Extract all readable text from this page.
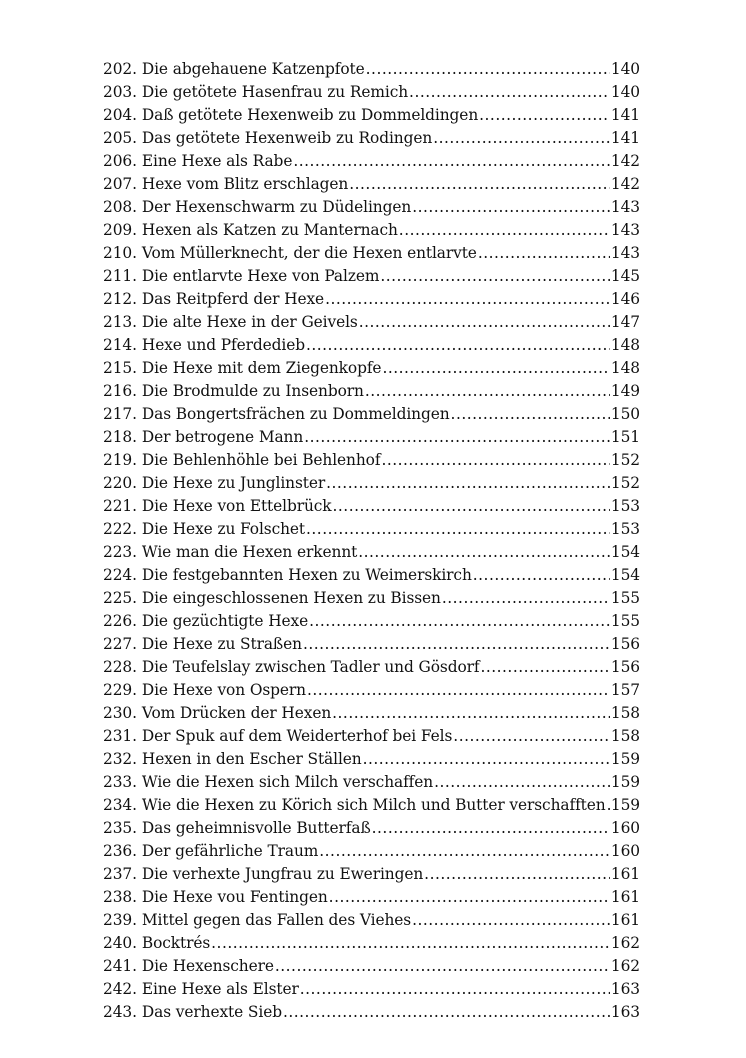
202. Die abgehauene Katzenpfote .....	140
203. Die getötete Hasenfrau zu Remich .....	140
204. Daß getötete Hexenweib zu Dommeldingen .....	141
205. Das getötete Hexenweib zu Rodingen .....	141
206. Eine Hexe als Rabe .....	142
207. Hexe vom Blitz erschlagen .....	142
208. Der Hexenschwarm zu Düdelingen .....	143
209. Hexen als Katzen zu Manternach .....	143
210. Vom Müllerknecht, der die Hexen entlarvte .....	143
211. Die entlarvte Hexe von Palzem .....	145
212. Das Reitpferd der Hexe .....	146
213. Die alte Hexe in der Geivels .....	147
214. Hexe und Pferdedieb .....	148
215. Die Hexe mit dem Ziegenkopfe .....	148
216. Die Brodmulde zu Insenborn .....	149
217. Das Bongertsfrächen zu Dommeldingen .....	150
218. Der betrogene Mann .....	151
219. Die Behlenhöhle bei Behlenhof .....	152
220. Die Hexe zu Junglinster .....	152
221. Die Hexe von Ettelbrück .....	153
222. Die Hexe zu Folschet .....	153
223. Wie man die Hexen erkennt .....	154
224. Die festgebannten Hexen zu Weimerskirch .....	154
225. Die eingeschlossenen Hexen zu Bissen .....	155
226. Die gezüchtigte Hexe .....	155
227. Die Hexe zu Straßen .....	156
228. Die Teufelslay zwischen Tadler und Gösdorf .....	156
229. Die Hexe von Ospern .....	157
230. Vom Drücken der Hexen .....	158
231. Der Spuk auf dem Weiderterhof bei Fels .....	158
232. Hexen in den Escher Ställen .....	159
233. Wie die Hexen sich Milch verschaffen .....	159
234. Wie die Hexen zu Körich sich Milch und Butter verschafften ..... 159
235. Das geheimnisvolle Butterfaß .....	160
236. Der gefährliche Traum .....	160
237. Die verhexte Jungfrau zu Eweringen .....	161
238. Die Hexe vou Fentingen .....	161
239. Mittel gegen das Fallen des Viehes .....	161
240. Bocktrés .....	162
241. Die Hexenschere .....	162
242. Eine Hexe als Elster .....	163
243. Das verhexte Sieb .....	163
